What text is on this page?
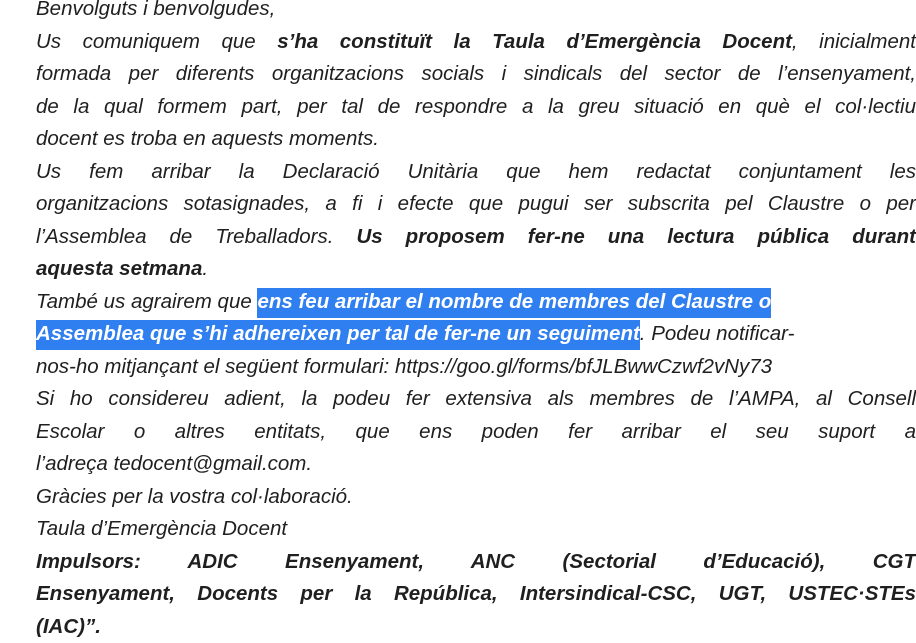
Benvolguts i benvolgudes,
Us comuniquem que s’ha constituït la Taula d’Emergència Docent, inicialment
formada per diferents organitzacions socials i sindicals del sector de l’ensenyament,
de la qual formem part, per tal de respondre a la greu situació en què el col·lectiu
docent es troba en aquests moments.
Us fem arribar la Declaració Unitària que hem redactat conjuntament les
organitzacions sotasignades, a fi i efecte que pugui ser subscrita pel Claustre o per
l’Assemblea de Treballadors. Us proposem fer-ne una lectura pública durant
aquesta setmana.
També us agrairem que ens feu arribar el nombre de membres del Claustre o
Assemblea que s’hi adhereixen per tal de fer-ne un seguiment. Podeu notificar-
nos-ho mitjançant el següent formulari: https://goo.gl/forms/bfJLBwwCzwf2vNy73
Si ho considereu adient, la podeu fer extensiva als membres de l’AMPA, al Consell
Escolar o altres entitats, que ens poden fer arribar el seu suport a
l’adreça tedocent@gmail.com.
Gràcies per la vostra col·laboració.
Taula d’Emergència Docent
Impulsors: ADIC Ensenyament, ANC (Sectorial d’Educació), CGT
Ensenyament, Docents per la República, Intersindical-CSC, UGT, USTEC·STEs
(IAC)”.
